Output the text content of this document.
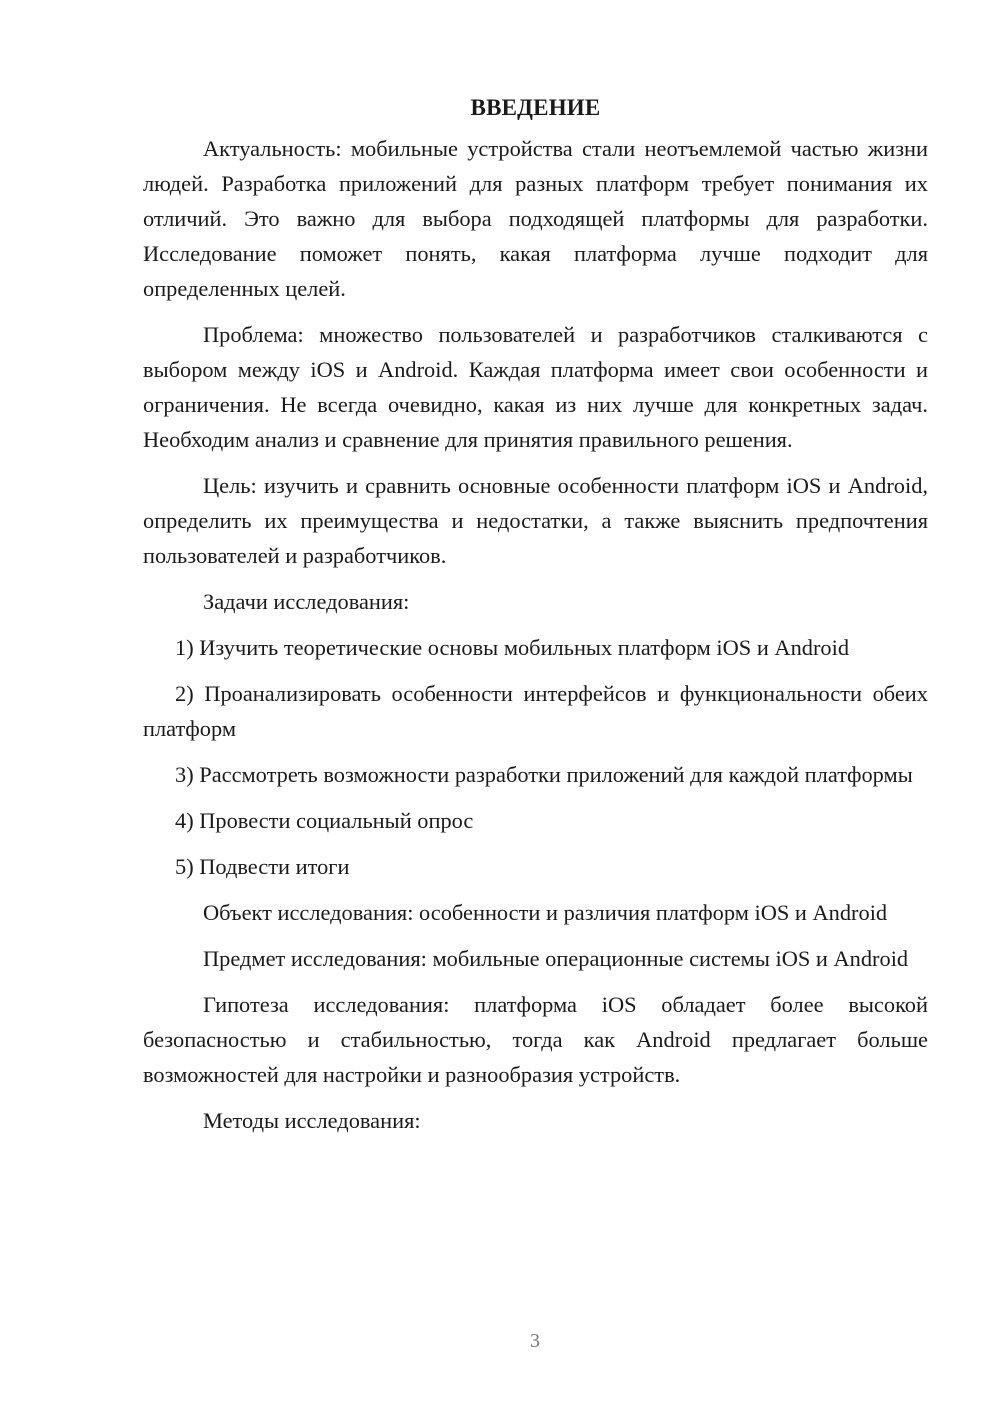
ВВЕДЕНИЕ

Актуальность: мобильные устройства стали неотъемлемой частью жизни людей. Разработка приложений для разных платформ требует понимания их отличий. Это важно для выбора подходящей платформы для разработки. Исследование поможет понять, какая платформа лучше подходит для определенных целей.

Проблема: множество пользователей и разработчиков сталкиваются с выбором между iOS и Android. Каждая платформа имеет свои особенности и ограничения. Не всегда очевидно, какая из них лучше для конкретных задач. Необходим анализ и сравнение для принятия правильного решения.

Цель: изучить и сравнить основные особенности платформ iOS и Android, определить их преимущества и недостатки, а также выяснить предпочтения пользователей и разработчиков.

Задачи исследования:

1) Изучить теоретические основы мобильных платформ iOS и Android

2) Проанализировать особенности интерфейсов и функциональности обеих платформ

3) Рассмотреть возможности разработки приложений для каждой платформы

4) Провести социальный опрос

5) Подвести итоги

Объект исследования: особенности и различия платформ iOS и Android

Предмет исследования: мобильные операционные системы iOS и Android

Гипотеза исследования: платформа iOS обладает более высокой безопасностью и стабильностью, тогда как Android предлагает больше возможностей для настройки и разнообразия устройств.

Методы исследования:

3
